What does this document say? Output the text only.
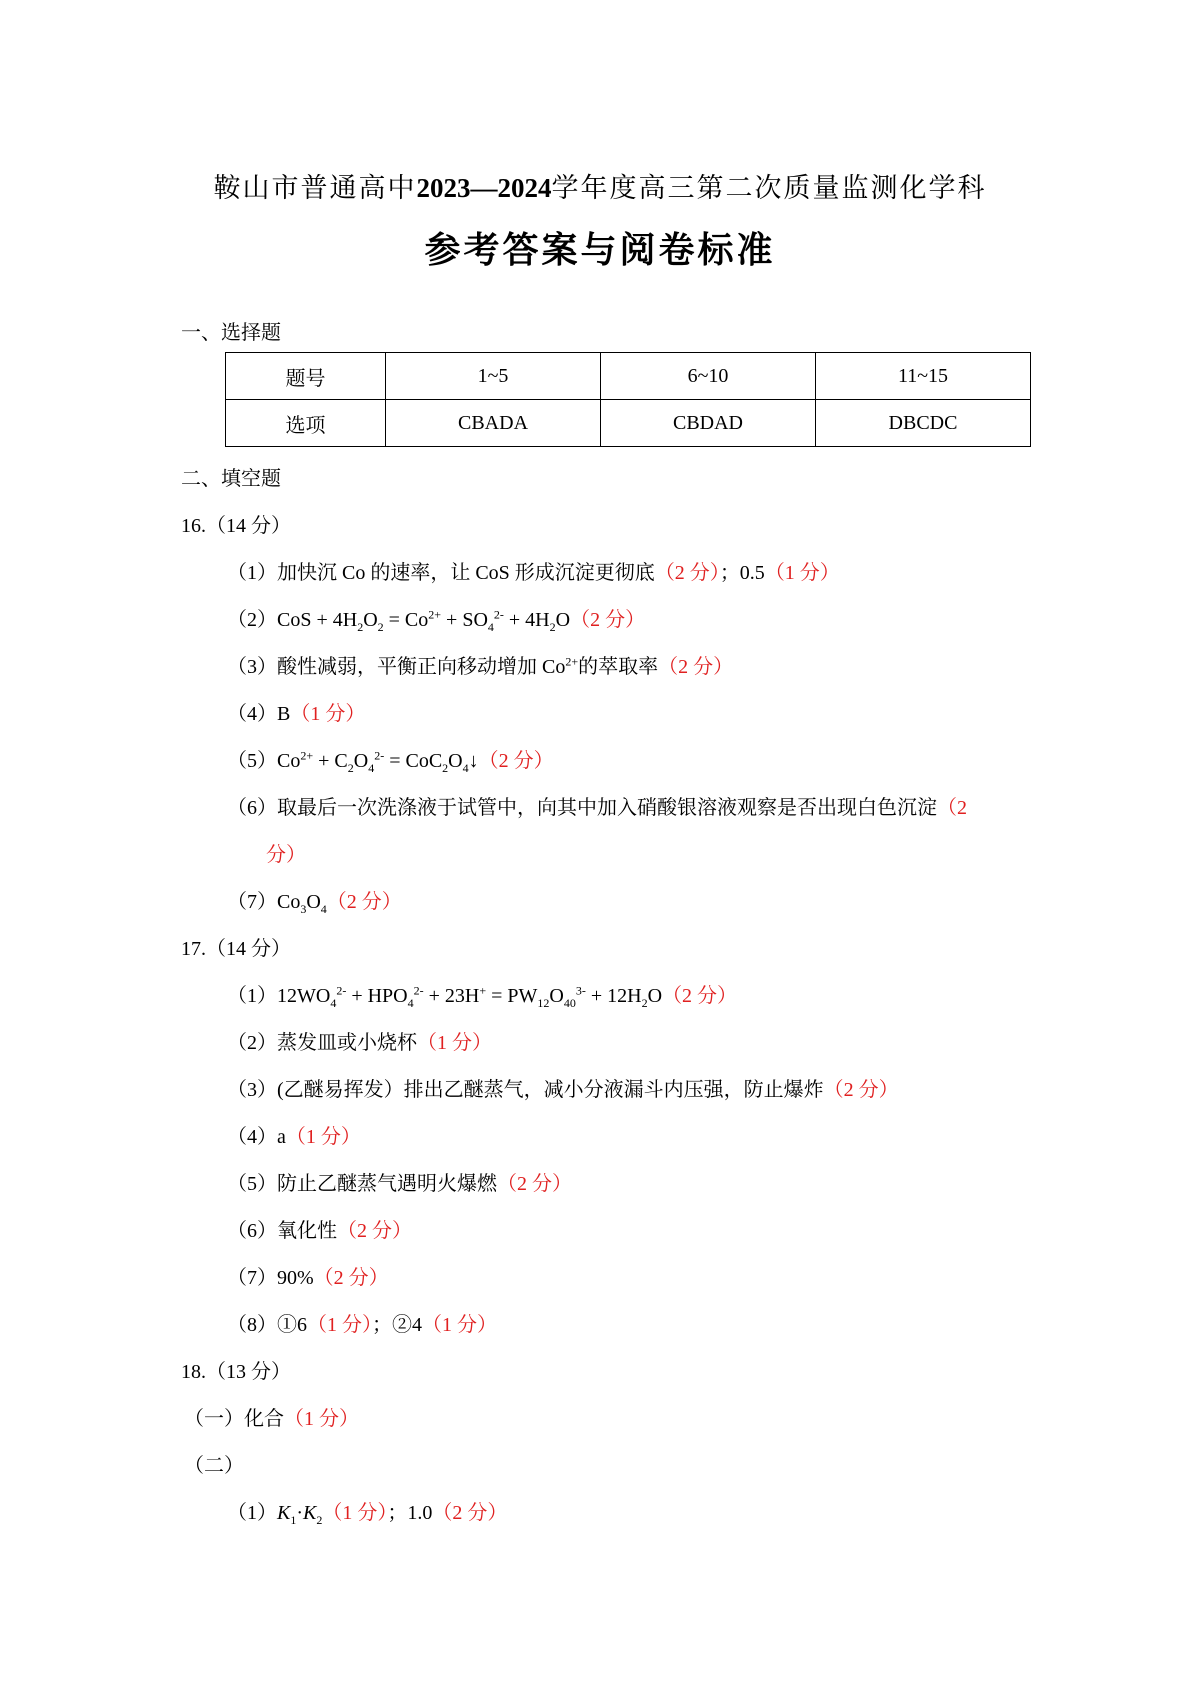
鞍山市普通高中2023—2024学年度高三第二次质量监测化学科
参考答案与阅卷标准
一、选择题
题号	1~5	6~10	11~15
选项	CBADA	CBDAD	DBCDC
二、填空题
16.（14 分）
（1）加快沉 Co 的速率，让 CoS 形成沉淀更彻底（2 分）；0.5（1 分）
$(2)CoS + 4H_2O_2 = Co^{2+} + SO_4^{2-} + 4H_2O(2$ 分）
（3）酸性减弱，平衡正向移动增加 $Co^{2+}$的萃取率（2 分）
（4）B（1 分）
$(5)Co^{2+} + C_2O_4^{2-}$ = $CoC_2O_4↓(2$ 分）
（6）取最后一次洗涤液于试管中，向其中加入硝酸银溶液观察是否出现白色沉淀（2
分）
$(7)Co_3O_4(2$ 分）
17.（14 分）
$(1)12WO_4^{2-} + HPO_4^{2-} + 23H^+ = PW_{12}O_{40}^{3-} + 12H_2O(2$ 分）
（2）蒸发皿或小烧杯（1 分）
（3）(乙醚易挥发）排出乙醚蒸气，减小分液漏斗内压强，防止爆炸（2 分）
（4）a（1 分）
（5）防止乙醚蒸气遇明火爆燃（2 分）
（6）氧化性（2 分）
（7）90%（2 分）
（8）①6（1 分）；②4（1 分）
18.（13 分）
（一）化合（1 分）
（二）
$(1)K_1\cdot K_2(1$ 分）；1.0（2 分）
